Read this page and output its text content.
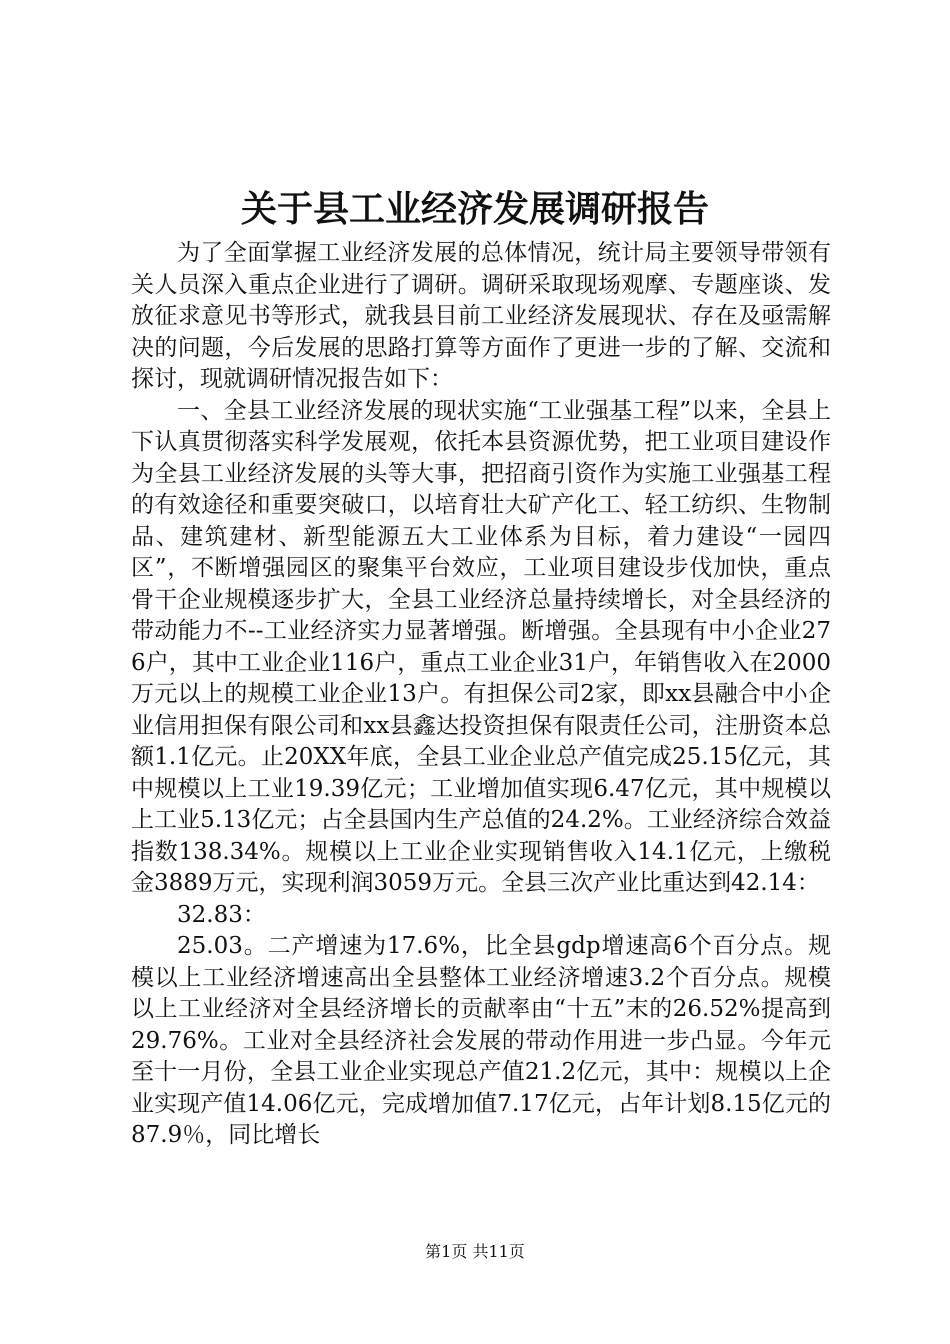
关于县工业经济发展调研报告

为了全面掌握工业经济发展的总体情况，统计局主要领导带领有关人员深入重点企业进行了调研。调研采取现场观摩、专题座谈、发放征求意见书等形式，就我县目前工业经济发展现状、存在及亟需解决的问题，今后发展的思路打算等方面作了更进一步的了解、交流和探讨，现就调研情况报告如下：

一、全县工业经济发展的现状实施“工业强基工程”以来，全县上下认真贯彻落实科学发展观，依托本县资源优势，把工业项目建设作为全县工业经济发展的头等大事，把招商引资作为实施工业强基工程的有效途径和重要突破口，以培育壮大矿产化工、轻工纺织、生物制品、建筑建材、新型能源五大工业体系为目标，着力建设“一园四区”，不断增强园区的聚集平台效应，工业项目建设步伐加快，重点骨干企业规模逐步扩大，全县工业经济总量持续增长，对全县经济的带动能力不--工业经济实力显著增强。断增强。全县现有中小企业276户，其中工业企业116户，重点工业企业31户，年销售收入在2000万元以上的规模工业企业13户。有担保公司2家，即xx县融合中小企业信用担保有限公司和xx县鑫达投资担保有限责任公司，注册资本总额1.1亿元。止20XX年底，全县工业企业总产值完成25.15亿元，其中规模以上工业19.39亿元；工业增加值实现6.47亿元，其中规模以上工业5.13亿元；占全县国内生产总值的24.2%。工业经济综合效益指数138.34%。规模以上工业企业实现销售收入14.1亿元，上缴税金3889万元，实现利润3059万元。全县三次产业比重达到42.14：

32.83：

25.03。二产增速为17.6%，比全县gdp增速高6个百分点。规模以上工业经济增速高出全县整体工业经济增速3.2个百分点。规模以上工业经济对全县经济增长的贡献率由“十五”末的26.52%提高到29.76%。工业对全县经济社会发展的带动作用进一步凸显。今年元至十一月份，全县工业企业实现总产值21.2亿元，其中：规模以上企业实现产值14.06亿元，完成增加值7.17亿元，占年计划8.15亿元的87.9％，同比增长

第1页 共11页
